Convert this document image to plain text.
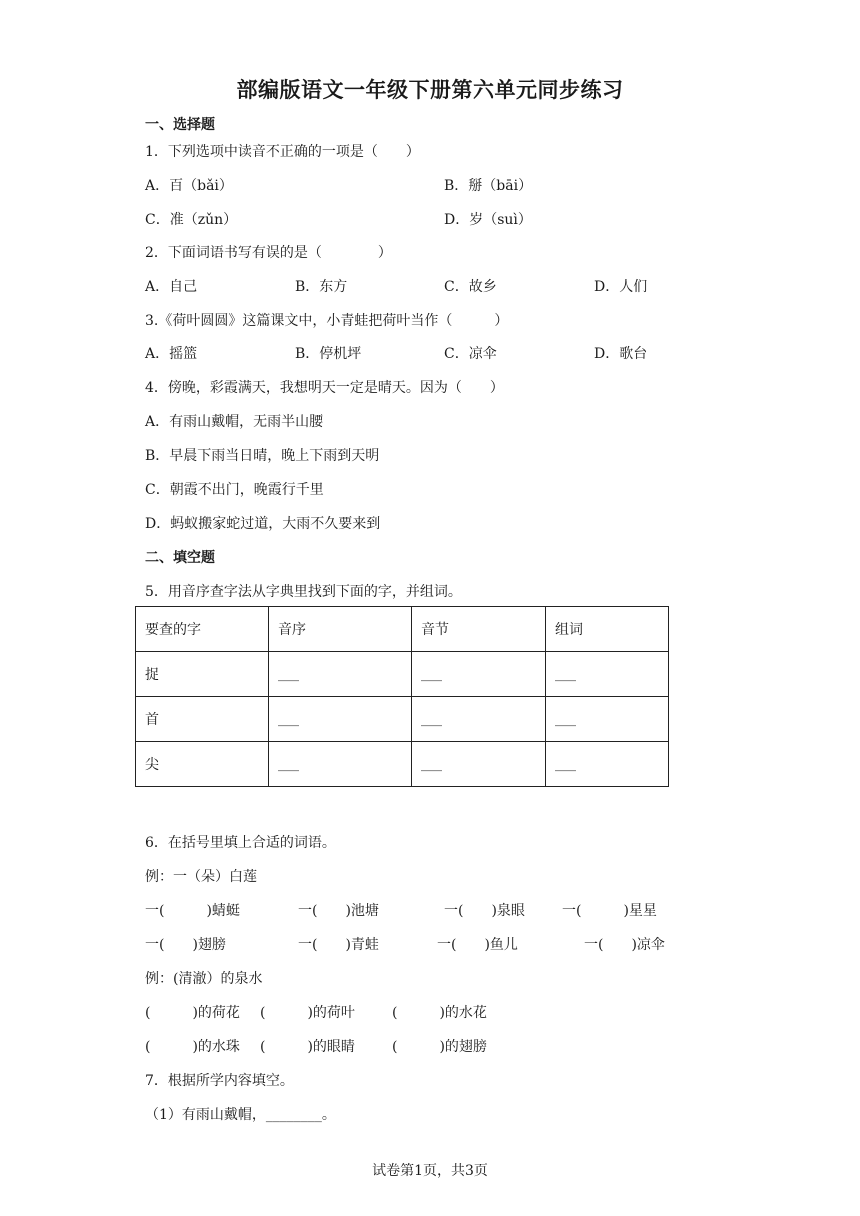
部编版语文一年级下册第六单元同步练习
一、选择题
1．下列选项中读音不正确的一项是（　　）
A．百（bǎi）	B．掰（bāi）
C．准（zǔn）	D．岁（suì）
2．下面词语书写有误的是（　　　　）
A．自己	B．东方	C．故乡	D．人们
3.《荷叶圆圆》这篇课文中，小青蛙把荷叶当作（　　　）
A．摇篮	B．停机坪	C．凉伞	D．歌台
4．傍晚，彩霞满天，我想明天一定是晴天。因为（　　）
A．有雨山戴帽，无雨半山腰
B．早晨下雨当日晴，晚上下雨到天明
C．朝霞不出门，晚霞行千里
D．蚂蚁搬家蛇过道，大雨不久要来到
二、填空题
5．用音序查字法从字典里找到下面的字，并组词。
要查的字	音序	音节	组词
捉	___	___	___
首	___	___	___
尖	___	___	___
6．在括号里填上合适的词语。
例：一（朵）白莲
一(　　　)蜻蜓	一(　　)池塘	一(　　)泉眼	一(　　　)星星
一(　　)翅膀	一(　　)青蛙	一(　　)鱼儿	一(　　)凉伞
例：(清澈）的泉水
(　　　)的荷花 (　　　)的荷叶	(　　　)的水花
(　　　)的水珠 (　　　)的眼睛	(　　　)的翅膀
7．根据所学内容填空。
（1）有雨山戴帽，________。
试卷第1页，共3页
